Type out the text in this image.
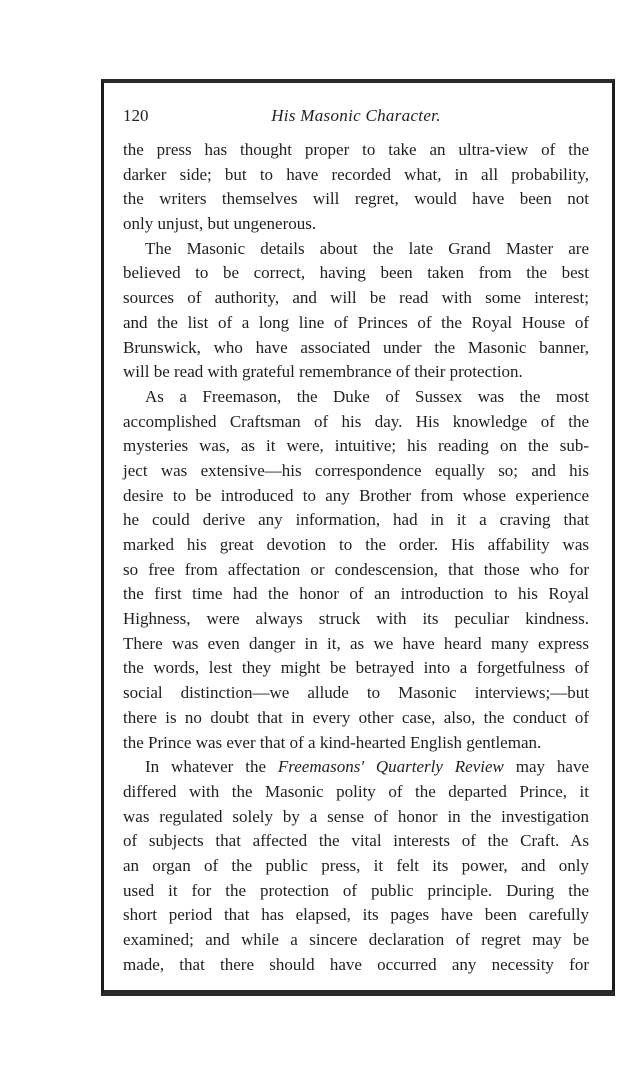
120	His Masonic Character.
the press has thought proper to take an ultra-view of the
darker side; but to have recorded what, in all probability,
the writers themselves will regret, would have been not
only unjust, but ungenerous.
The Masonic details about the late Grand Master are
believed to be correct, having been taken from the best
sources of authority, and will be read with some interest;
and the list of a long line of Princes of the Royal House of
Brunswick, who have associated under the Masonic banner,
will be read with grateful remembrance of their protection.
As a Freemason, the Duke of Sussex was the most
accomplished Craftsman of his day. His knowledge of the
mysteries was, as it were, intuitive; his reading on the sub-
ject was extensive—his correspondence equally so; and his
desire to be introduced to any Brother from whose experience
he could derive any information, had in it a craving that
marked his great devotion to the order. His affability was
so free from affectation or condescension, that those who for
the first time had the honor of an introduction to his Royal
Highness, were always struck with its peculiar kindness.
There was even danger in it, as we have heard many express
the words, lest they might be betrayed into a forgetfulness of
social distinction—we allude to Masonic interviews;—but
there is no doubt that in every other case, also, the conduct of
the Prince was ever that of a kind-hearted English gentleman.
In whatever the Freemasons' Quarterly Review may have
differed with the Masonic polity of the departed Prince, it
was regulated solely by a sense of honor in the investigation
of subjects that affected the vital interests of the Craft. As
an organ of the public press, it felt its power, and only
used it for the protection of public principle. During the
short period that has elapsed, its pages have been carefully
examined; and while a sincere declaration of regret may be
made, that there should have occurred any necessity for
